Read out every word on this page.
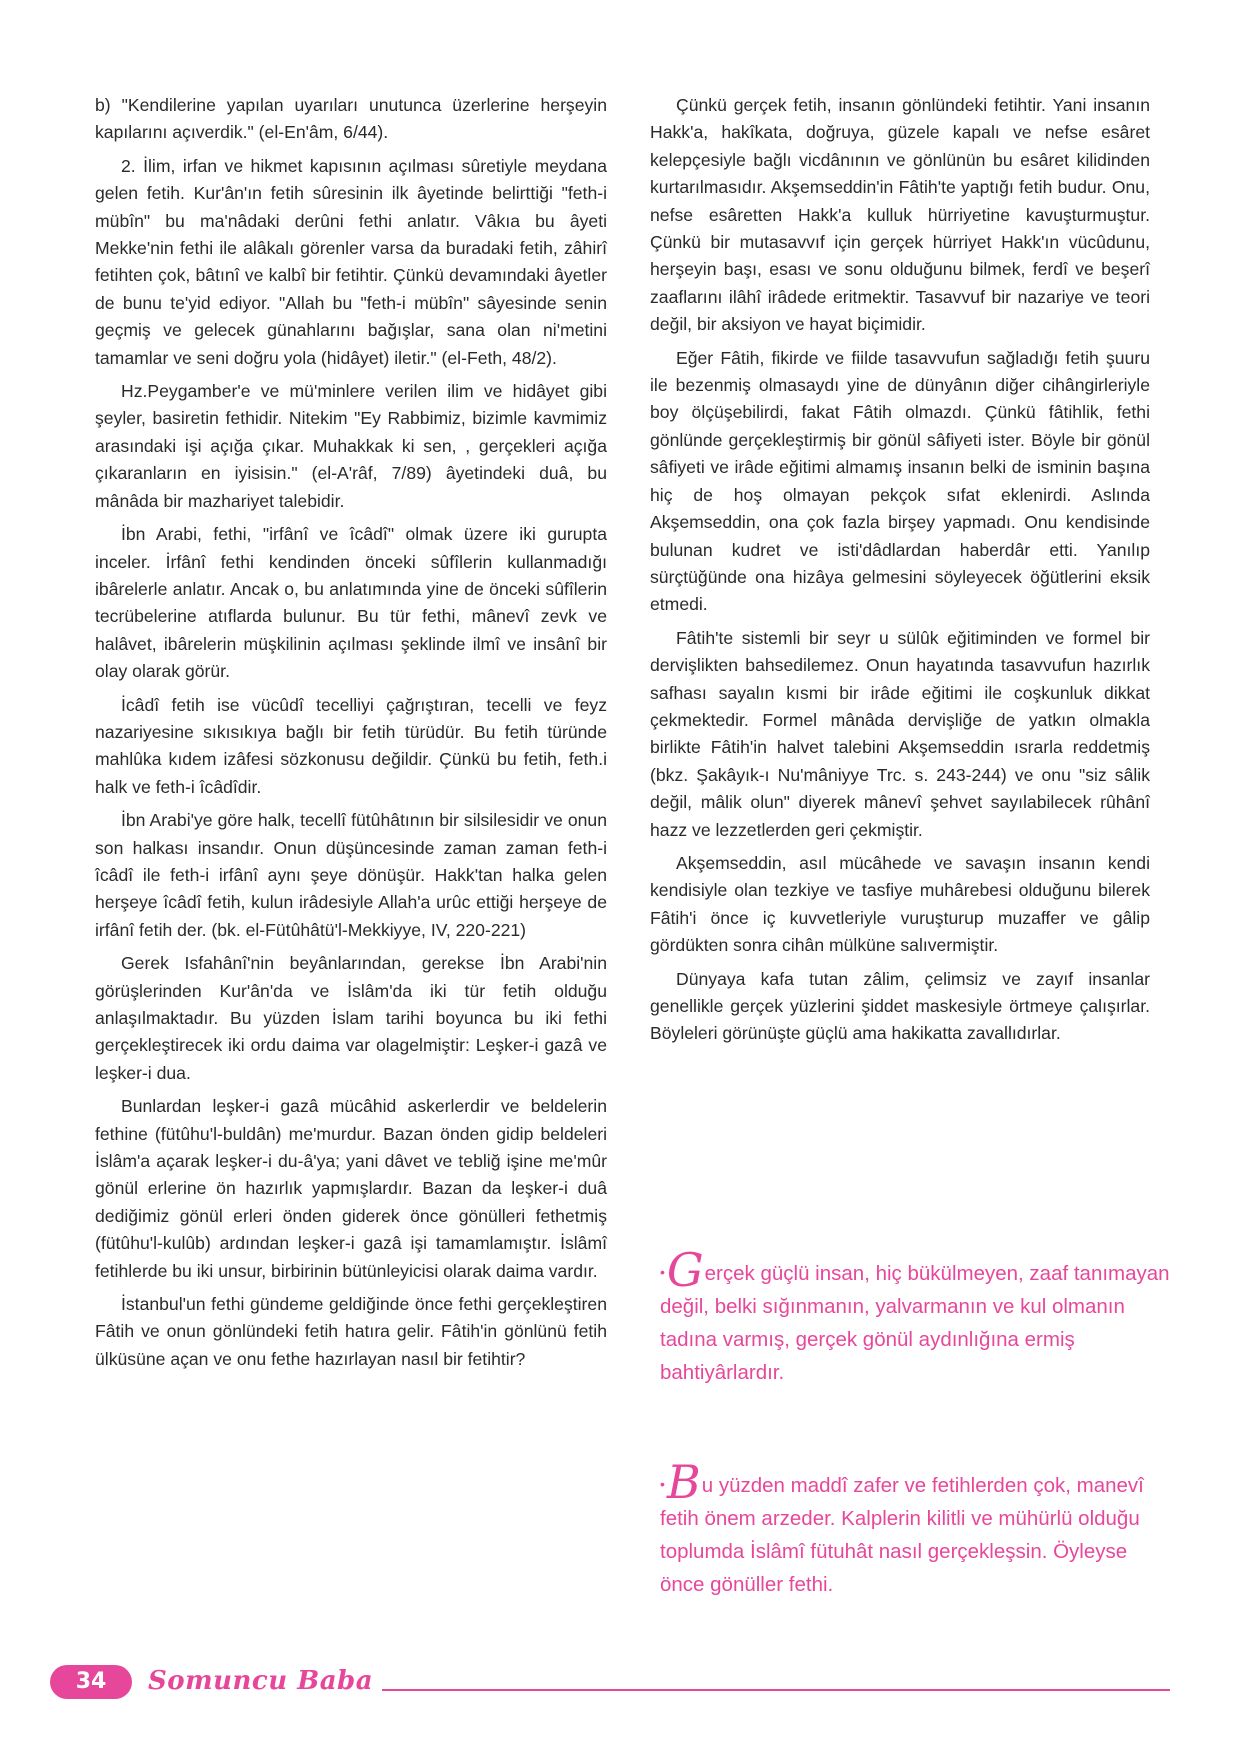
b) "Kendilerine yapılan uyarıları unutunca üzerlerine herşeyin kapılarını açıverdik." (el-En'âm, 6/44).

2. İlim, irfan ve hikmet kapısının açılması sûretiyle meydana gelen fetih. Kur'ân'ın fetih sûresinin ilk âyetinde belirttiği "feth-i mübîn" bu ma'nâdaki derûni fethi anlatır. Vâkıa bu âyeti Mekke'nin fethi ile alâkalı görenler varsa da buradaki fetih, zâhirî fetihten çok, bâtınî ve kalbî bir fetihtir. Çünkü devamındaki âyetler de bunu te'yid ediyor. "Allah bu "feth-i mübîn" sâyesinde senin geçmiş ve gelecek günahlarını bağışlar, sana olan ni'metini tamamlar ve seni doğru yola (hidâyet) iletir." (el-Feth, 48/2).

Hz.Peygamber'e ve mü'minlere verilen ilim ve hidâyet gibi şeyler, basiretin fethidir. Nitekim "Ey Rabbimiz, bizimle kavmimiz arasındaki işi açığa çıkar. Muhakkak ki sen, , gerçekleri açığa çıkaranların en iyisisin." (el-A'râf, 7/89) âyetindeki duâ, bu mânâda bir mazhariyet talebidir.

İbn Arabi, fethi, "irfânî ve îcâdî" olmak üzere iki gurupta inceler. İrfânî fethi kendinden önceki sûfîlerin kullanmadığı ibârelerle anlatır. Ancak o, bu anlatımında yine de önceki sûfîlerin tecrübelerine atıflarda bulunur. Bu tür fethi, mânevî zevk ve halâvet, ibârelerin müşkilinin açılması şeklinde ilmî ve insânî bir olay olarak görür.

İcâdî fetih ise vücûdî tecelliyi çağrıştıran, tecelli ve feyz nazariyesine sıkısıkıya bağlı bir fetih türüdür. Bu fetih türünde mahlûka kıdem izâfesi sözkonusu değildir. Çünkü bu fetih, feth.i halk ve feth-i îcâdîdir.

İbn Arabi'ye göre halk, tecellî fütûhâtının bir silsilesidir ve onun son halkası insandır. Onun düşüncesinde zaman zaman feth-i îcâdî ile feth-i irfânî aynı şeye dönüşür. Hakk'tan halka gelen herşeye îcâdî fetih, kulun irâdesiyle Allah'a urûc ettiği herşeye de irfânî fetih der. (bk. el-Fütûhâtü'l-Mekkiyye, IV, 220-221)

Gerek Isfahânî'nin beyânlarından, gerekse İbn Arabi'nin görüşlerinden Kur'ân'da ve İslâm'da iki tür fetih olduğu anlaşılmaktadır. Bu yüzden İslam tarihi boyunca bu iki fethi gerçekleştirecek iki ordu daima var olagelmiştir: Leşker-i gazâ ve leşker-i dua.

Bunlardan leşker-i gazâ mücâhid askerlerdir ve beldelerin fethine (fütûhu'l-buldân) me'murdur. Bazan önden gidip beldeleri İslâm'a açarak leşker-i du-â'ya; yani dâvet ve tebliğ işine me'mûr gönül erlerine ön hazırlık yapmışlardır. Bazan da leşker-i duâ dediğimiz gönül erleri önden giderek önce gönülleri fethetmiş (fütûhu'l-kulûb) ardından leşker-i gazâ işi tamamlamıştır. İslâmî fetihlerde bu iki unsur, birbirinin bütünleyicisi olarak daima vardır.

İstanbul'un fethi gündeme geldiğinde önce fethi gerçekleştiren Fâtih ve onun gönlündeki fetih hatıra gelir. Fâtih'in gönlünü fetih ülküsüne açan ve onu fethe hazırlayan nasıl bir fetihtir?

Çünkü gerçek fetih, insanın gönlündeki fetihtir. Yani insanın Hakk'a, hakîkata, doğruya, güzele kapalı ve nefse esâret kelepçesiyle bağlı vicdânının ve gönlünün bu esâret kilidinden kurtarılmasıdır. Akşemseddin'in Fâtih'te yaptığı fetih budur. Onu, nefse esâretten Hakk'a kulluk hürriyetine kavuşturmuştur. Çünkü bir mutasavvıf için gerçek hürriyet Hakk'ın vücûdunu, herşeyin başı, esası ve sonu olduğunu bilmek, ferdî ve beşerî zaaflarını ilâhî irâdede eritmektir. Tasavvuf bir nazariye ve teori değil, bir aksiyon ve hayat biçimidir.

Eğer Fâtih, fikirde ve fiilde tasavvufun sağladığı fetih şuuru ile bezenmiş olmasaydı yine de dünyânın diğer cihângirleriyle boy ölçüşebilirdi, fakat Fâtih olmazdı. Çünkü fâtihlik, fethi gönlünde gerçekleştirmiş bir gönül sâfiyeti ister. Böyle bir gönül sâfiyeti ve irâde eğitimi almamış insanın belki de isminin başına hiç de hoş olmayan pekçok sıfat eklenirdi. Aslında Akşemseddin, ona çok fazla birşey yapmadı. Onu kendisinde bulunan kudret ve isti'dâdlardan haberdâr etti. Yanılıp sürçtüğünde ona hizâya gelmesini söyleyecek öğütlerini eksik etmedi.

Fâtih'te sistemli bir seyr u sülûk eğitiminden ve formel bir dervişlikten bahsedilemez. Onun hayatında tasavvufun hazırlık safhası sayalın kısmi bir irâde eğitimi ile coşkunluk dikkat çekmektedir. Formel mânâda dervişliğe de yatkın olmakla birlikte Fâtih'in halvet talebini Akşemseddin ısrarla reddetmiş (bkz. Şakâyık-ı Nu'mâniyye Trc. s. 243-244) ve onu "siz sâlik değil, mâlik olun" diyerek mânevî şehvet sayılabilecek rûhânî hazz ve lezzetlerden geri çekmiştir.

Akşemseddin, asıl mücâhede ve savaşın insanın kendi kendisiyle olan tezkiye ve tasfiye muhârebesi olduğunu bilerek Fâtih'i önce iç kuvvetleriyle vuruşturup muzaffer ve gâlip gördükten sonra cihân mülküne salıvermiştir.

Dünyaya kafa tutan zâlim, çelimsiz ve zayıf insanlar genellikle gerçek yüzlerini şiddet maskesiyle örtmeye çalışırlar. Böyleleri görünüşte güçlü ama hakikatta zavallıdırlar.

•Gerçek güçlü insan, hiç bükülmeyen, zaaf tanımayan değil, belki sığınmanın, yalvarmanın ve kul olmanın tadına varmış, gerçek gönül aydınlığına ermiş bahtiyârlardır.
•Bu yüzden maddî zafer ve fetihlerden çok, manevî fetih önem arzeder. Kalplerin kilitli ve mühürlü olduğu toplumda İslâmî fütuhât nasıl gerçekleşsin. Öyleyse önce gönüller fethi.
34	Somuncu Baba
